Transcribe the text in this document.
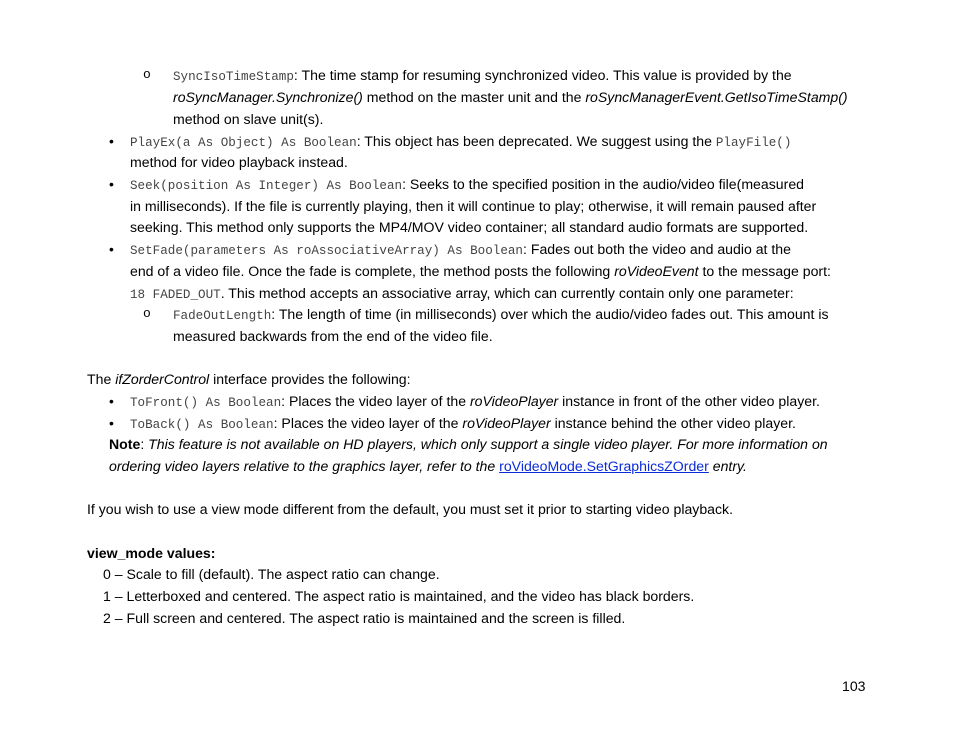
o SyncIsoTimeStamp: The time stamp for resuming synchronized video. This value is provided by the
roSyncManager.Synchronize() method on the master unit and the roSyncManagerEvent.GetIsoTimeStamp()
method on slave unit(s).
• PlayEx(a As Object) As Boolean: This object has been deprecated. We suggest using the PlayFile()
method for video playback instead.
• Seek(position As Integer) As Boolean: Seeks to the specified position in the audio/video file(measured
in milliseconds). If the file is currently playing, then it will continue to play; otherwise, it will remain paused after
seeking. This method only supports the MP4/MOV video container; all standard audio formats are supported.
• SetFade(parameters As roAssociativeArray) As Boolean: Fades out both the video and audio at the
end of a video file. Once the fade is complete, the method posts the following roVideoEvent to the message port:
18 FADED_OUT. This method accepts an associative array, which can currently contain only one parameter:
o FadeOutLength: The length of time (in milliseconds) over which the audio/video fades out. This amount is
measured backwards from the end of the video file.
The ifZorderControl interface provides the following:
• ToFront() As Boolean: Places the video layer of the roVideoPlayer instance in front of the other video player.
• ToBack() As Boolean: Places the video layer of the roVideoPlayer instance behind the other video player.
Note: This feature is not available on HD players, which only support a single video player. For more information on
ordering video layers relative to the graphics layer, refer to the roVideoMode.SetGraphicsZOrder entry.
If you wish to use a view mode different from the default, you must set it prior to starting video playback.
view_mode values:
0 – Scale to fill (default). The aspect ratio can change.
1 – Letterboxed and centered. The aspect ratio is maintained, and the video has black borders.
2 – Full screen and centered. The aspect ratio is maintained and the screen is filled.
103
